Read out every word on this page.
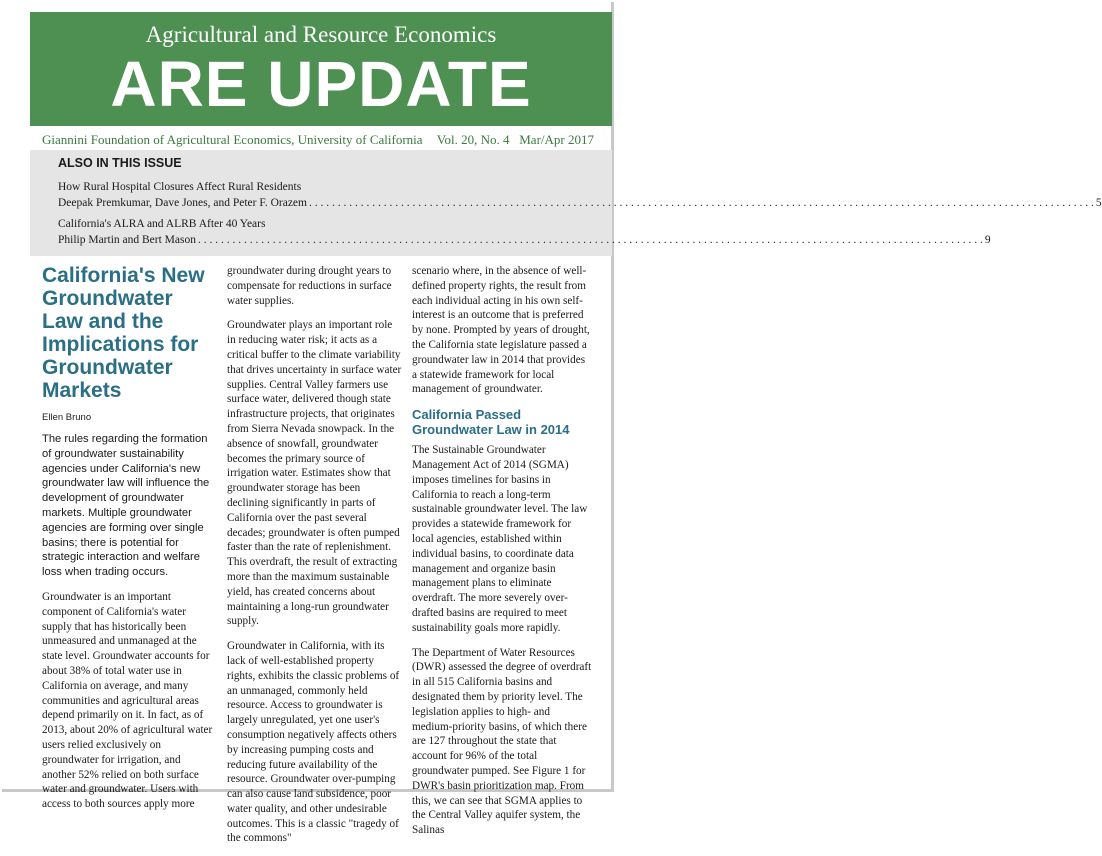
Agricultural and Resource Economics
ARE UPDATE
Giannini Foundation of Agricultural Economics, University of California Vol. 20, No. 4 Mar/Apr 2017
ALSO IN THIS ISSUE
How Rural Hospital Closures Affect Rural Residents
Deepak Premkumar, Dave Jones, and Peter F. Orazem . . .	5
California's ALRA and ALRB After 40 Years
Philip Martin and Bert Mason . . .	9
California's New Groundwater Law and the Implications for Groundwater Markets
Ellen Bruno

The rules regarding the formation of groundwater sustainability agencies under California's new groundwater law will influence the development of groundwater markets. Multiple groundwater agencies are forming over single basins; there is potential for strategic interaction and welfare loss when trading occurs.

Groundwater is an important component of California's water supply that has historically been unmeasured and unmanaged at the state level. Groundwater accounts for about 38% of total water use in California on average, and many communities and agricultural areas depend primarily on it. In fact, as of 2013, about 20% of agricultural water users relied exclusively on groundwater for irrigation, and another 52% relied on both surface water and groundwater. Users with access to both sources apply more

groundwater during drought years to compensate for reductions in surface water supplies.

Groundwater plays an important role in reducing water risk; it acts as a critical buffer to the climate variability that drives uncertainty in surface water supplies. Central Valley farmers use surface water, delivered though state infrastructure projects, that originates from Sierra Nevada snowpack. In the absence of snowfall, groundwater becomes the primary source of irrigation water. Estimates show that groundwater storage has been declining significantly in parts of California over the past several decades; groundwater is often pumped faster than the rate of replenishment. This overdraft, the result of extracting more than the maximum sustainable yield, has created concerns about maintaining a long-run groundwater supply.

Groundwater in California, with its lack of well-established property rights, exhibits the classic problems of an unmanaged, commonly held resource. Access to groundwater is largely unregulated, yet one user's consumption negatively affects others by increasing pumping costs and reducing future availability of the resource. Groundwater over-pumping can also cause land subsidence, poor water quality, and other undesirable outcomes. This is a classic "tragedy of the commons"

scenario where, in the absence of well-defined property rights, the result from each individual acting in his own self-interest is an outcome that is preferred by none. Prompted by years of drought, the California state legislature passed a groundwater law in 2014 that provides a statewide framework for local management of groundwater.

California Passed Groundwater Law in 2014

The Sustainable Groundwater Management Act of 2014 (SGMA) imposes timelines for basins in California to reach a long-term sustainable groundwater level. The law provides a statewide framework for local agencies, established within individual basins, to coordinate data management and organize basin management plans to eliminate overdraft. The more severely over-drafted basins are required to meet sustainability goals more rapidly.

The Department of Water Resources (DWR) assessed the degree of overdraft in all 515 California basins and designated them by priority level. The legislation applies to high- and medium-priority basins, of which there are 127 throughout the state that account for 96% of the total groundwater pumped. See Figure 1 for DWR's basin prioritization map. From this, we can see that SGMA applies to the Central Valley aquifer system, the Salinas
